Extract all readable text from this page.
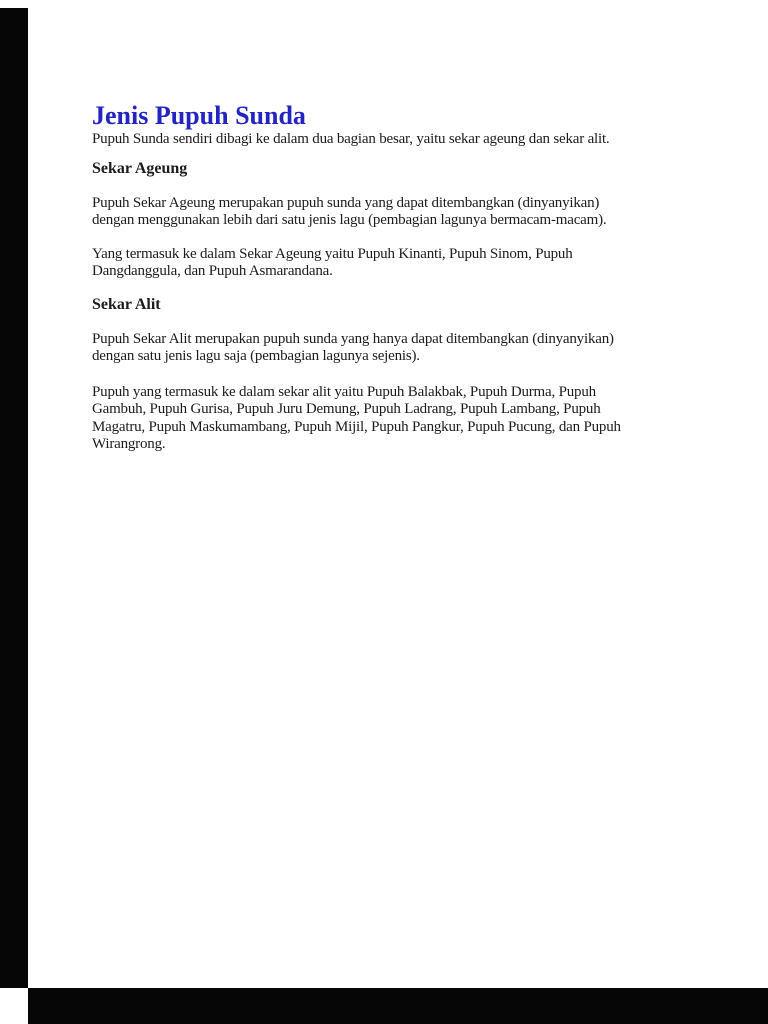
Jenis Pupuh Sunda
Pupuh Sunda sendiri dibagi ke dalam dua bagian besar, yaitu sekar ageung dan sekar alit.
Sekar Ageung
Pupuh Sekar Ageung merupakan pupuh sunda yang dapat ditembangkan (dinyanyikan)
dengan menggunakan lebih dari satu jenis lagu (pembagian lagunya bermacam-macam).
Yang termasuk ke dalam Sekar Ageung yaitu Pupuh Kinanti, Pupuh Sinom, Pupuh
Dangdanggula, dan Pupuh Asmarandana.
Sekar Alit
Pupuh Sekar Alit merupakan pupuh sunda yang hanya dapat ditembangkan (dinyanyikan)
dengan satu jenis lagu saja (pembagian lagunya sejenis).
Pupuh yang termasuk ke dalam sekar alit yaitu Pupuh Balakbak, Pupuh Durma, Pupuh
Gambuh, Pupuh Gurisa, Pupuh Juru Demung, Pupuh Ladrang, Pupuh Lambang, Pupuh
Magatru, Pupuh Maskumambang, Pupuh Mijil, Pupuh Pangkur, Pupuh Pucung, dan Pupuh
Wirangrong.
